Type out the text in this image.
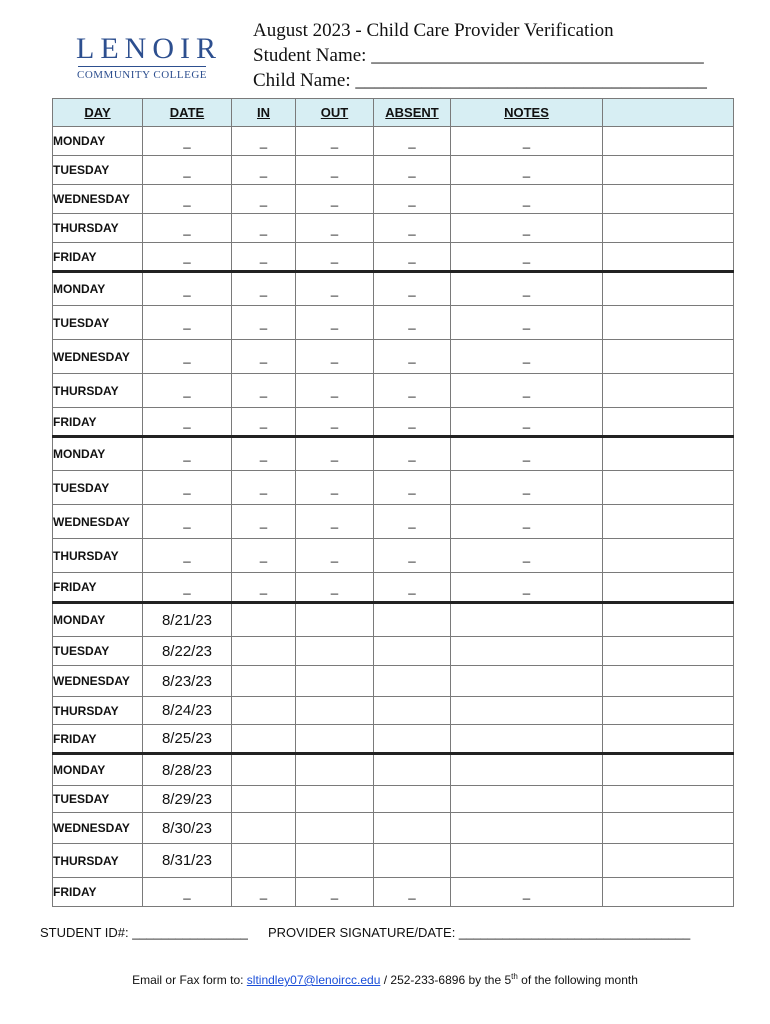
LENOIR
COMMUNITY COLLEGE
August 2023 - Child Care Provider Verification
Student Name: ___________________________________
Child Name: _____________________________________
DAY	DATE	IN	OUT	ABSENT	NOTES	
MONDAY	_	_	_	_	_	
TUESDAY	_	_	_	_	_	
WEDNESDAY	_	_	_	_	_	
THURSDAY	_	_	_	_	_	
FRIDAY	_	_	_	_	_	
MONDAY	_	_	_	_	_	
TUESDAY	_	_	_	_	_	
WEDNESDAY	_	_	_	_	_	
THURSDAY	_	_	_	_	_	
FRIDAY	_	_	_	_	_	
MONDAY	_	_	_	_	_	
TUESDAY	_	_	_	_	_	
WEDNESDAY	_	_	_	_	_	
THURSDAY	_	_	_	_	_	
FRIDAY	_	_	_	_	_	
MONDAY	8/21/23					
TUESDAY	8/22/23					
WEDNESDAY	8/23/23					
THURSDAY	8/24/23					
FRIDAY	8/25/23					
MONDAY	8/28/23					
TUESDAY	8/29/23					
WEDNESDAY	8/30/23					
THURSDAY	8/31/23					
FRIDAY	_	_	_	_	_	
STUDENT ID#: ________________ PROVIDER SIGNATURE/DATE: ________________________________
Email or Fax form to: sltindley07@lenoircc.edu / 252-233-6896 by the 5th of the following month
